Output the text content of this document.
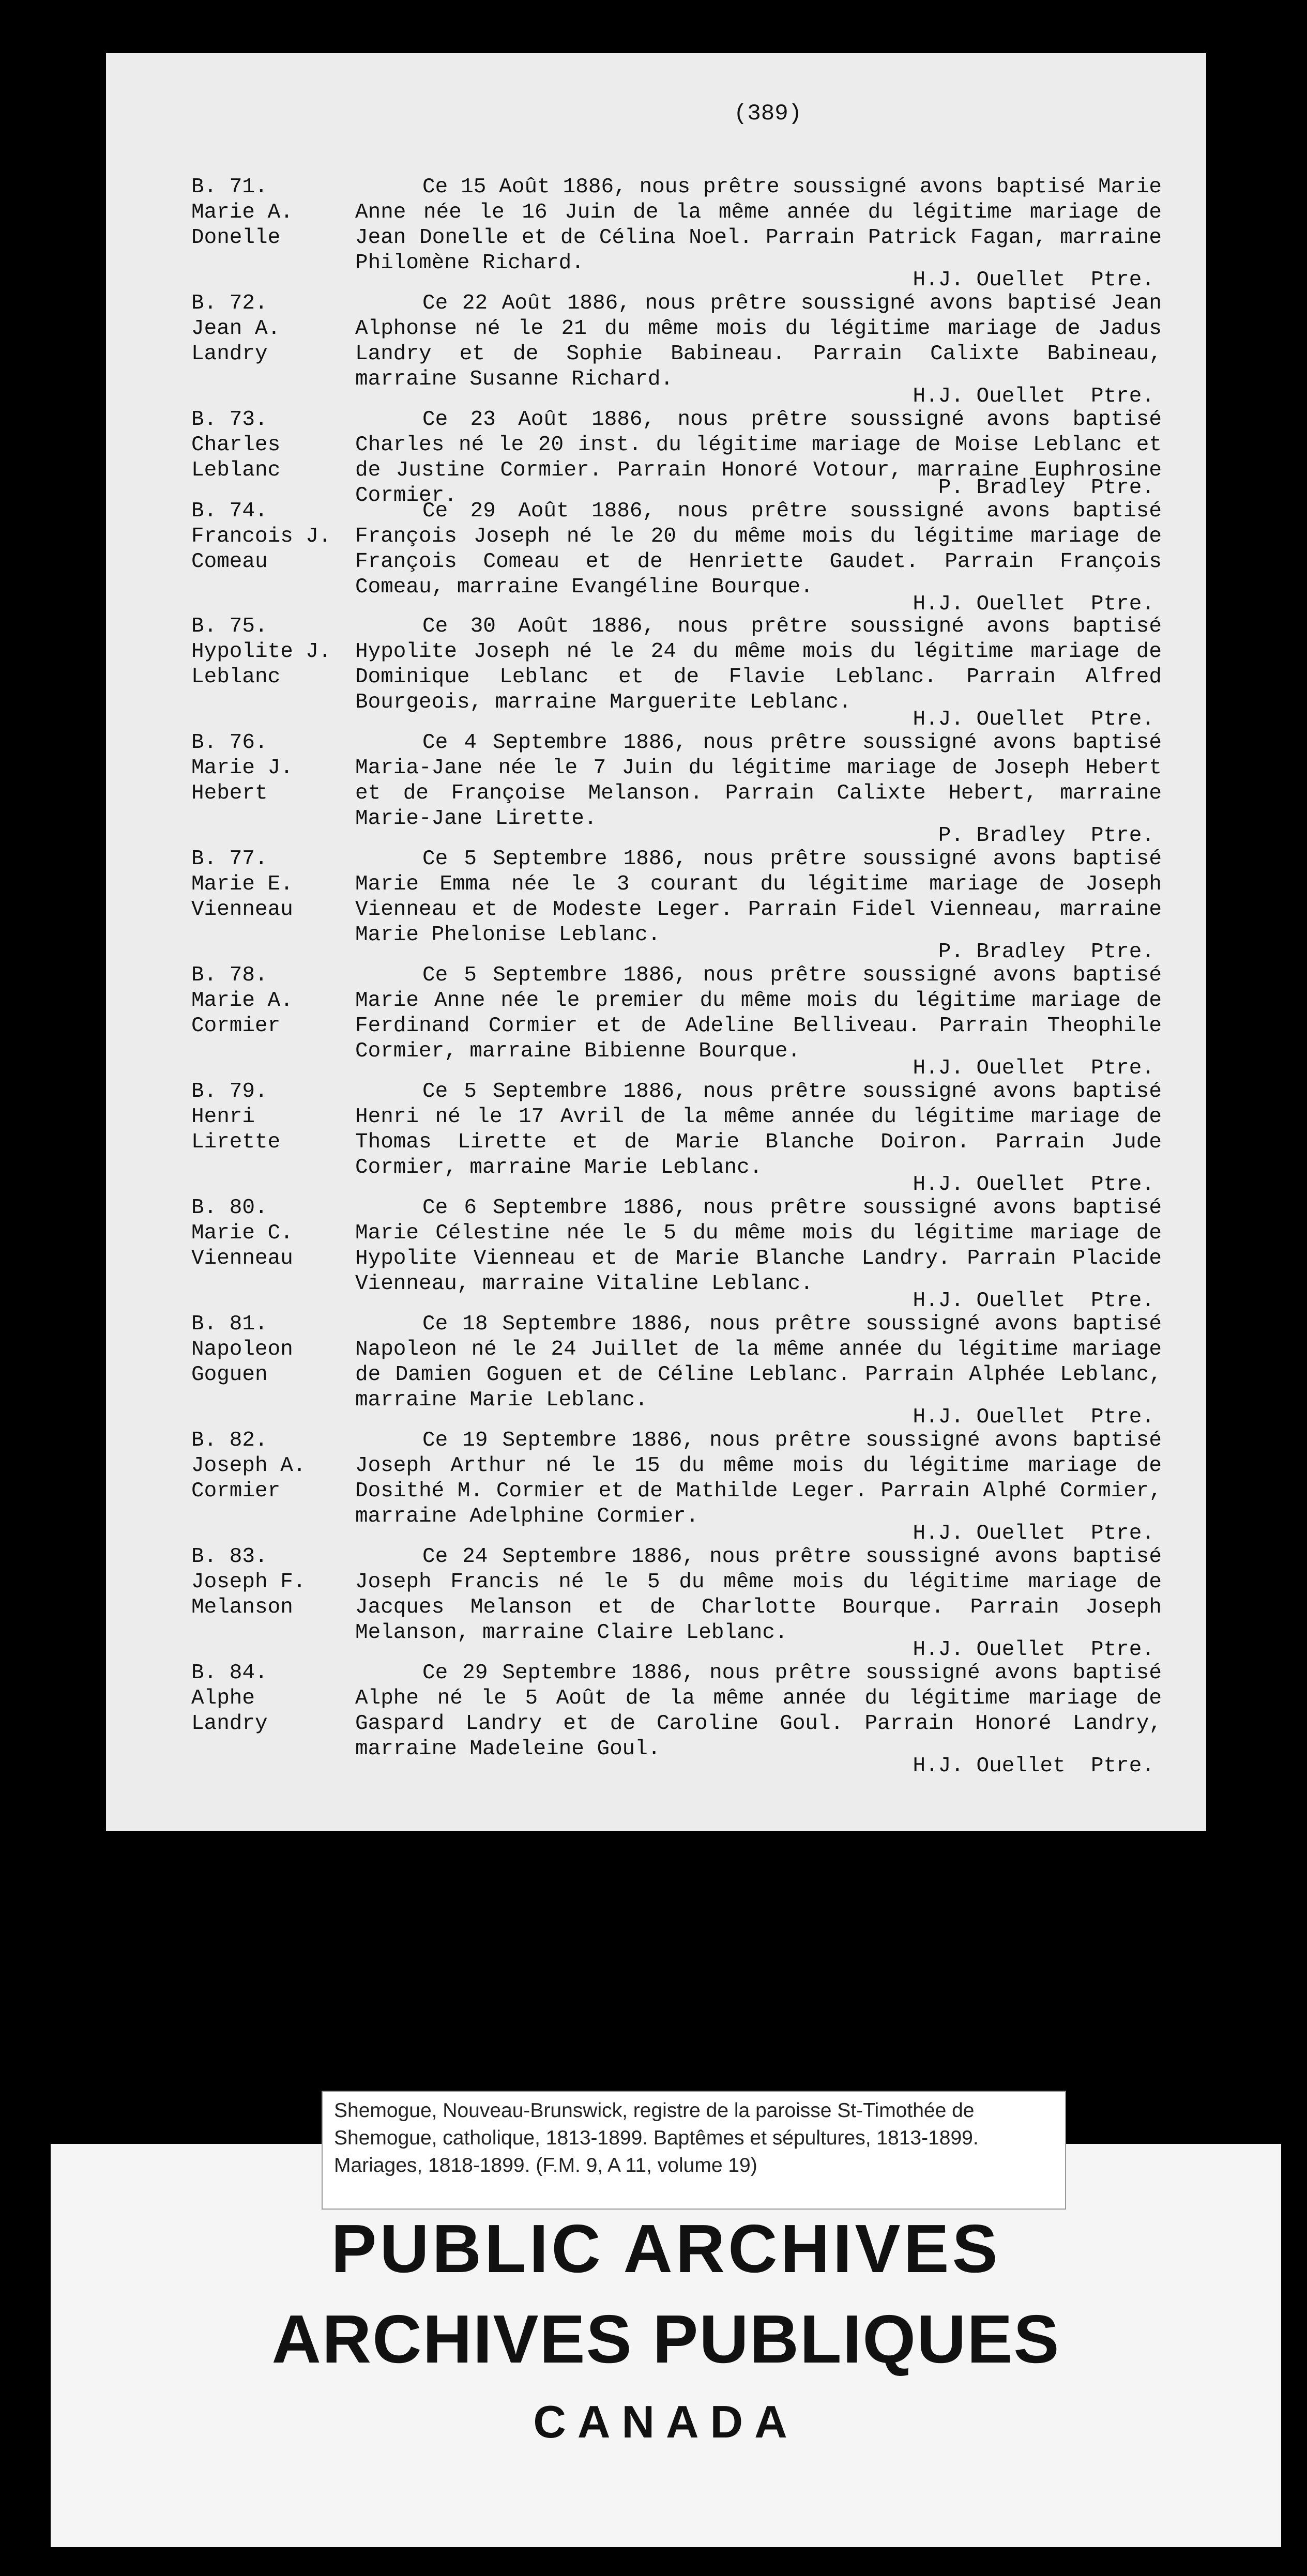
(389)
B. 71.
Marie A.
Donelle
Ce 15 Août 1886, nous prêtre soussigné avons baptisé Marie Anne née le 16 Juin de la même année du légitime mariage de Jean Donelle et de Célina Noel. Parrain Patrick Fagan, marraine Philomène Richard.
H.J. Ouellet  Ptre.
B. 72.
Jean A.
Landry
Ce 22 Août 1886, nous prêtre soussigné avons baptisé Jean Alphonse né le 21 du même mois du légitime mariage de Jadus Landry et de Sophie Babineau. Parrain Calixte Babineau, marraine Susanne Richard.
H.J. Ouellet  Ptre.
B. 73.
Charles
Leblanc
Ce 23 Août 1886, nous prêtre soussigné avons baptisé Charles né le 20 inst. du légitime mariage de Moise Leblanc et de Justine Cormier. Parrain Honoré Votour, marraine Euphrosine Cormier.	P. Bradley  Ptre.
B. 74.
Francois J.
Comeau
Ce 29 Août 1886, nous prêtre soussigné avons baptisé François Joseph né le 20 du même mois du légitime mariage de François Comeau et de Henriette Gaudet. Parrain François Comeau, marraine Evangéline Bourque.
H.J. Ouellet  Ptre.
B. 75.
Hypolite J.
Leblanc
Ce 30 Août 1886, nous prêtre soussigné avons baptisé Hypolite Joseph né le 24 du même mois du légitime mariage de Dominique Leblanc et de Flavie Leblanc. Parrain Alfred Bourgeois, marraine Marguerite Leblanc.
H.J. Ouellet  Ptre.
B. 76.
Marie J.
Hebert
Ce 4 Septembre 1886, nous prêtre soussigné avons baptisé Maria-Jane née le 7 Juin du légitime mariage de Joseph Hebert et de Françoise Melanson. Parrain Calixte Hebert, marraine Marie-Jane Lirette.
P. Bradley  Ptre.
B. 77.
Marie E.
Vienneau
Ce 5 Septembre 1886, nous prêtre soussigné avons baptisé Marie Emma née le 3 courant du légitime mariage de Joseph Vienneau et de Modeste Leger. Parrain Fidel Vienneau, marraine Marie Phelonise Leblanc.
P. Bradley  Ptre.
B. 78.
Marie A.
Cormier
Ce 5 Septembre 1886, nous prêtre soussigné avons baptisé Marie Anne née le premier du même mois du légitime mariage de Ferdinand Cormier et de Adeline Belliveau. Parrain Theophile Cormier, marraine Bibienne Bourque.
H.J. Ouellet  Ptre.
B. 79.
Henri
Lirette
Ce 5 Septembre 1886, nous prêtre soussigné avons baptisé Henri né le 17 Avril de la même année du légitime mariage de Thomas Lirette et de Marie Blanche Doiron. Parrain Jude Cormier, marraine Marie Leblanc.
H.J. Ouellet  Ptre.
B. 80.
Marie C.
Vienneau
Ce 6 Septembre 1886, nous prêtre soussigné avons baptisé Marie Célestine née le 5 du même mois du légitime mariage de Hypolite Vienneau et de Marie Blanche Landry. Parrain Placide Vienneau, marraine Vitaline Leblanc.
H.J. Ouellet  Ptre.
B. 81.
Napoleon
Goguen
Ce 18 Septembre 1886, nous prêtre soussigné avons baptisé Napoleon né le 24 Juillet de la même année du légitime mariage de Damien Goguen et de Céline Leblanc. Parrain Alphée Leblanc, marraine Marie Leblanc.
H.J. Ouellet  Ptre.
B. 82.
Joseph A.
Cormier
Ce 19 Septembre 1886, nous prêtre soussigné avons baptisé Joseph Arthur né le 15 du même mois du légitime mariage de Dosithé M. Cormier et de Mathilde Leger. Parrain Alphé Cormier, marraine Adelphine Cormier.
H.J. Ouellet  Ptre.
B. 83.
Joseph F.
Melanson
Ce 24 Septembre 1886, nous prêtre soussigné avons baptisé Joseph Francis né le 5 du même mois du légitime mariage de Jacques Melanson et de Charlotte Bourque. Parrain Joseph Melanson, marraine Claire Leblanc.
H.J. Ouellet  Ptre.
B. 84.
Alphe
Landry
Ce 29 Septembre 1886, nous prêtre soussigné avons baptisé Alphe né le 5 Août de la même année du légitime mariage de Gaspard Landry et de Caroline Goul. Parrain Honoré Landry, marraine Madeleine Goul.
H.J. Ouellet  Ptre.
Shemogue, Nouveau-Brunswick, registre de la paroisse St-Timothée de Shemogue, catholique, 1813-1899. Baptêmes et sépultures, 1813-1899. Mariages, 1818-1899. (F.M. 9, A 11, volume 19)
PUBLIC ARCHIVES
ARCHIVES PUBLIQUES
CANADA
